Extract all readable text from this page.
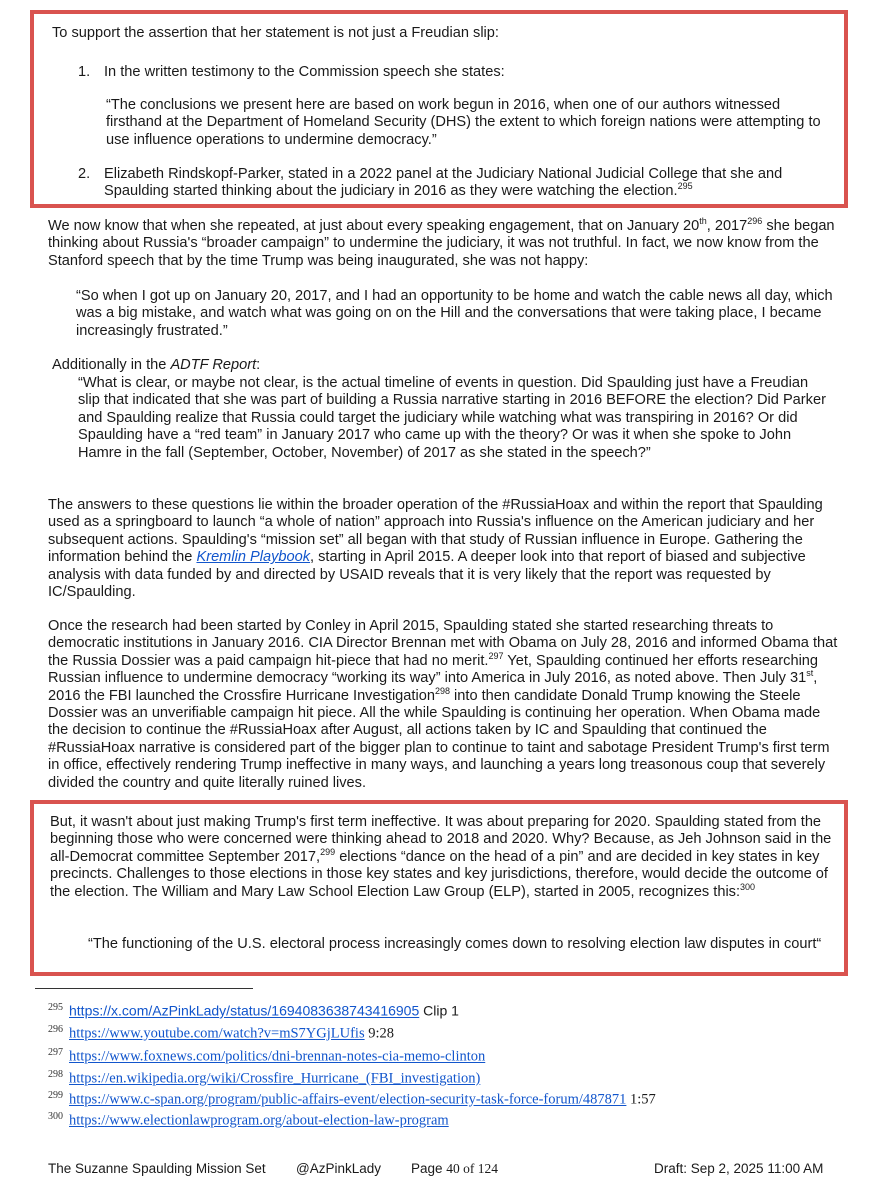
To support the assertion that her statement is not just a Freudian slip:

1. In the written testimony to the Commission speech she states:

“The conclusions we present here are based on work begun in 2016, when one of our authors witnessed firsthand at the Department of Homeland Security (DHS) the extent to which foreign nations were attempting to use influence operations to undermine democracy.”

2. Elizabeth Rindskopf-Parker, stated in a 2022 panel at the Judiciary National Judicial College that she and Spaulding started thinking about the judiciary in 2016 as they were watching the election.$^{295}$

We now know that when she repeated, at just about every speaking engagement, that on January 20th, 2017$^{296}$ she began thinking about Russia's “broader campaign” to undermine the judiciary, it was not truthful. In fact, we now know from the Stanford speech that by the time Trump was being inaugurated, she was not happy:

“So when I got up on January 20, 2017, and I had an opportunity to be home and watch the cable news all day, which was a big mistake, and watch what was going on on the Hill and the conversations that were taking place, I became increasingly frustrated.”

Additionally in the ADTF Report:

“What is clear, or maybe not clear, is the actual timeline of events in question. Did Spaulding just have a Freudian slip that indicated that she was part of building a Russia narrative starting in 2016 BEFORE the election? Did Parker and Spaulding realize that Russia could target the judiciary while watching what was transpiring in 2016? Or did Spaulding have a “red team” in January 2017 who came up with the theory? Or was it when she spoke to John Hamre in the fall (September, October, November) of 2017 as she stated in the speech?”

The answers to these questions lie within the broader operation of the #RussiaHoax and within the report that Spaulding used as a springboard to launch “a whole of nation” approach into Russia's influence on the American judiciary and her subsequent actions. Spaulding's “mission set” all began with that study of Russian influence in Europe. Gathering the information behind the Kremlin Playbook, starting in April 2015. A deeper look into that report of biased and subjective analysis with data funded by and directed by USAID reveals that it is very likely that the report was requested by IC/Spaulding.

Once the research had been started by Conley in April 2015, Spaulding stated she started researching threats to democratic institutions in January 2016. CIA Director Brennan met with Obama on July 28, 2016 and informed Obama that the Russia Dossier was a paid campaign hit-piece that had no merit.$^{297}$ Yet, Spaulding continued her efforts researching Russian influence to undermine democracy “working its way” into America in July 2016, as noted above. Then July 31st, 2016 the FBI launched the Crossfire Hurricane Investigation$^{298}$ into then candidate Donald Trump knowing the Steele Dossier was an unverifiable campaign hit piece. All the while Spaulding is continuing her operation. When Obama made the decision to continue the #RussiaHoax after August, all actions taken by IC and Spaulding that continued the #RussiaHoax narrative is considered part of the bigger plan to continue to taint and sabotage President Trump's first term in office, effectively rendering Trump ineffective in many ways, and launching a years long treasonous coup that severely divided the country and quite literally ruined lives.

But, it wasn't about just making Trump's first term ineffective. It was about preparing for 2020. Spaulding stated from the beginning those who were concerned were thinking ahead to 2018 and 2020. Why? Because, as Jeh Johnson said in the all-Democrat committee September 2017,$^{299}$ elections “dance on the head of a pin” and are decided in key states in key precincts. Challenges to those elections in those key states and key jurisdictions, therefore, would decide the outcome of the election. The William and Mary Law School Election Law Group (ELP), started in 2005, recognizes this:$^{300}$

“The functioning of the U.S. electoral process increasingly comes down to resolving election law disputes in court“

$^{295}$ https://x.com/AzPinkLady/status/1694083638743416905 Clip 1
$^{296}$ https://www.youtube.com/watch?v=mS7YGjLUfis 9:28
$^{297}$ https://www.foxnews.com/politics/dni-brennan-notes-cia-memo-clinton
$^{298}$ https://en.wikipedia.org/wiki/Crossfire_Hurricane_(FBI_investigation)
$^{299}$ https://www.c-span.org/program/public-affairs-event/election-security-task-force-forum/487871 1:57
$^{300}$ https://www.electionlawprogram.org/about-election-law-program
The Suzanne Spaulding Mission Set @AzPinkLady Page 40 of 124	Draft: Sep 2, 2025 11:00 AM
